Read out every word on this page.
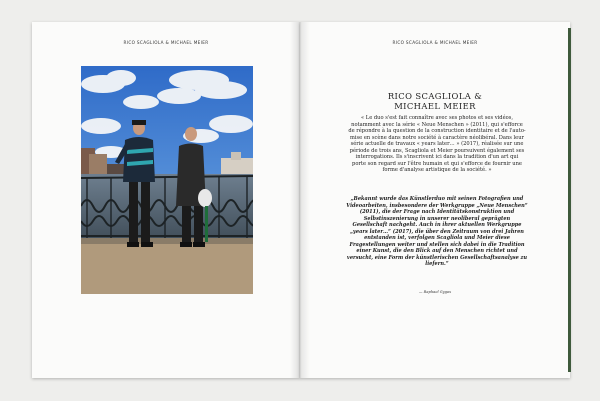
RICO SCAGLIOLA & MICHAEL MEIER	RICO SCAGLIOLA & MICHAEL MEIER
RICO SCAGLIOLA &
MICHAEL MEIER
« Le duo s'est fait connaître avec ses photos et ses vidéos, notamment avec la série « Neue Menschen » (2011), qui s'efforce de répondre à la question de la construction identitaire et de l'auto-mise en scène dans notre société à caractère néolibéral. Dans leur série actuelle de travaux « years later… » (2017), réalisée sur une période de trois ans, Scagliola et Meier poursuivent également ses interrogations. Ils s'inscrivent ici dans la tradition d'un art qui porte son regard sur l'être humain et qui s'efforce de fournir une forme d'analyse artistique de la société. »
„Bekannt wurde das Künstlerduo mit seinen Fotografien und Videoarbeiten, insbesondere der Werkgruppe „Neue Menschen“ (2011), die der Frage nach Identitätskonstruktion und Selbstinszenierung in unserer neoliberal geprägten Gesellschaft nachgeht. Auch in ihrer aktuellen Werkgruppe „years later…“ (2017), die über den Zeitraum von drei Jahren entstanden ist, verfolgen Scagliola und Meier diese Fragestellungen weiter und stellen sich dabei in die Tradition einer Kunst, die den Blick auf den Menschen richtet und versucht, eine Form der künstlerischen Gesellschaftsanalyse zu liefern.“
— Raphael Gygax
